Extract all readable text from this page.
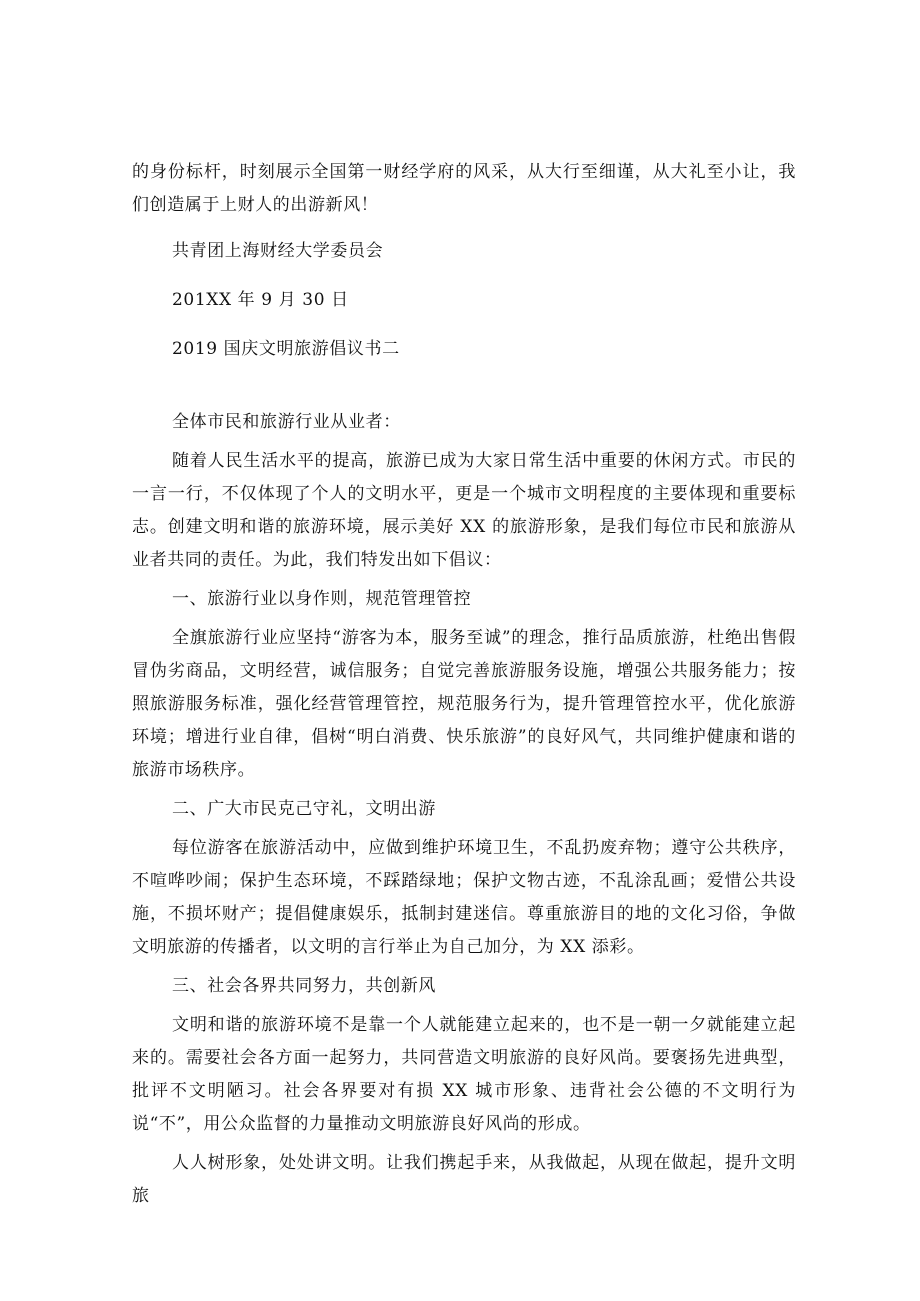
的身份标杆，时刻展示全国第一财经学府的风采，从大行至细谨，从大礼至小让，我们创造属于上财人的出游新风！

共青团上海财经大学委员会

201XX 年 9 月 30 日

2019 国庆文明旅游倡议书二

全体市民和旅游行业从业者：

随着人民生活水平的提高，旅游已成为大家日常生活中重要的休闲方式。市民的一言一行，不仅体现了个人的文明水平，更是一个城市文明程度的主要体现和重要标志。创建文明和谐的旅游环境，展示美好 XX 的旅游形象，是我们每位市民和旅游从业者共同的责任。为此，我们特发出如下倡议：

一、旅游行业以身作则，规范管理管控

全旗旅游行业应坚持“游客为本，服务至诚”的理念，推行品质旅游，杜绝出售假冒伪劣商品，文明经营，诚信服务；自觉完善旅游服务设施，增强公共服务能力；按照旅游服务标准，强化经营管理管控，规范服务行为，提升管理管控水平，优化旅游环境；增进行业自律，倡树“明白消费、快乐旅游”的良好风气，共同维护健康和谐的旅游市场秩序。

二、广大市民克己守礼，文明出游

每位游客在旅游活动中，应做到维护环境卫生，不乱扔废弃物；遵守公共秩序，不喧哗吵闹；保护生态环境，不踩踏绿地；保护文物古迹，不乱涂乱画；爱惜公共设施，不损坏财产；提倡健康娱乐，抵制封建迷信。尊重旅游目的地的文化习俗，争做文明旅游的传播者，以文明的言行举止为自己加分，为 XX 添彩。

三、社会各界共同努力，共创新风

文明和谐的旅游环境不是靠一个人就能建立起来的，也不是一朝一夕就能建立起来的。需要社会各方面一起努力，共同营造文明旅游的良好风尚。要褒扬先进典型，批评不文明陋习。社会各界要对有损 XX 城市形象、违背社会公德的不文明行为说“不”，用公众监督的力量推动文明旅游良好风尚的形成。

人人树形象，处处讲文明。让我们携起手来，从我做起，从现在做起，提升文明旅
